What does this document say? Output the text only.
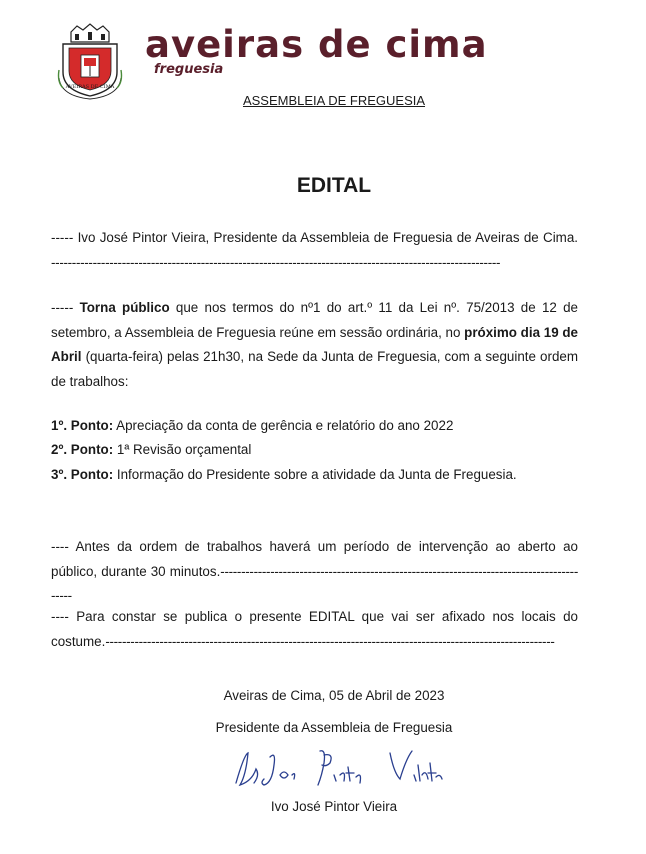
AVEIRAS DE CIMA
aveiras de cima
freguesia
ASSEMBLEIA DE FREGUESIA
EDITAL
----- Ivo José Pintor Vieira, Presidente da Assembleia de Freguesia de Aveiras de Cima. ------------------------------------------------------------------------------------------------------------
----- Torna público que nos termos do nº1 do art.º 11 da Lei nº. 75/2013 de 12 de setembro, a Assembleia de Freguesia reúne em sessão ordinária, no próximo dia 19 de Abril (quarta-feira) pelas 21h30, na Sede da Junta de Freguesia, com a seguinte ordem de trabalhos:
1º. Ponto: Apreciação da conta de gerência e relatório do ano 2022
2º. Ponto: 1ª Revisão orçamental
3º. Ponto: Informação do Presidente sobre a atividade da Junta de Freguesia.
---- Antes da ordem de trabalhos haverá um período de intervenção ao aberto ao público, durante 30 minutos.-------------------------------------------------------------------------------------------
---- Para constar se publica o presente EDITAL que vai ser afixado nos locais do costume.------------------------------------------------------------------------------------------------------------
Aveiras de Cima, 05 de Abril de 2023
Presidente da Assembleia de Freguesia
Ivo José Pintor Vieira
